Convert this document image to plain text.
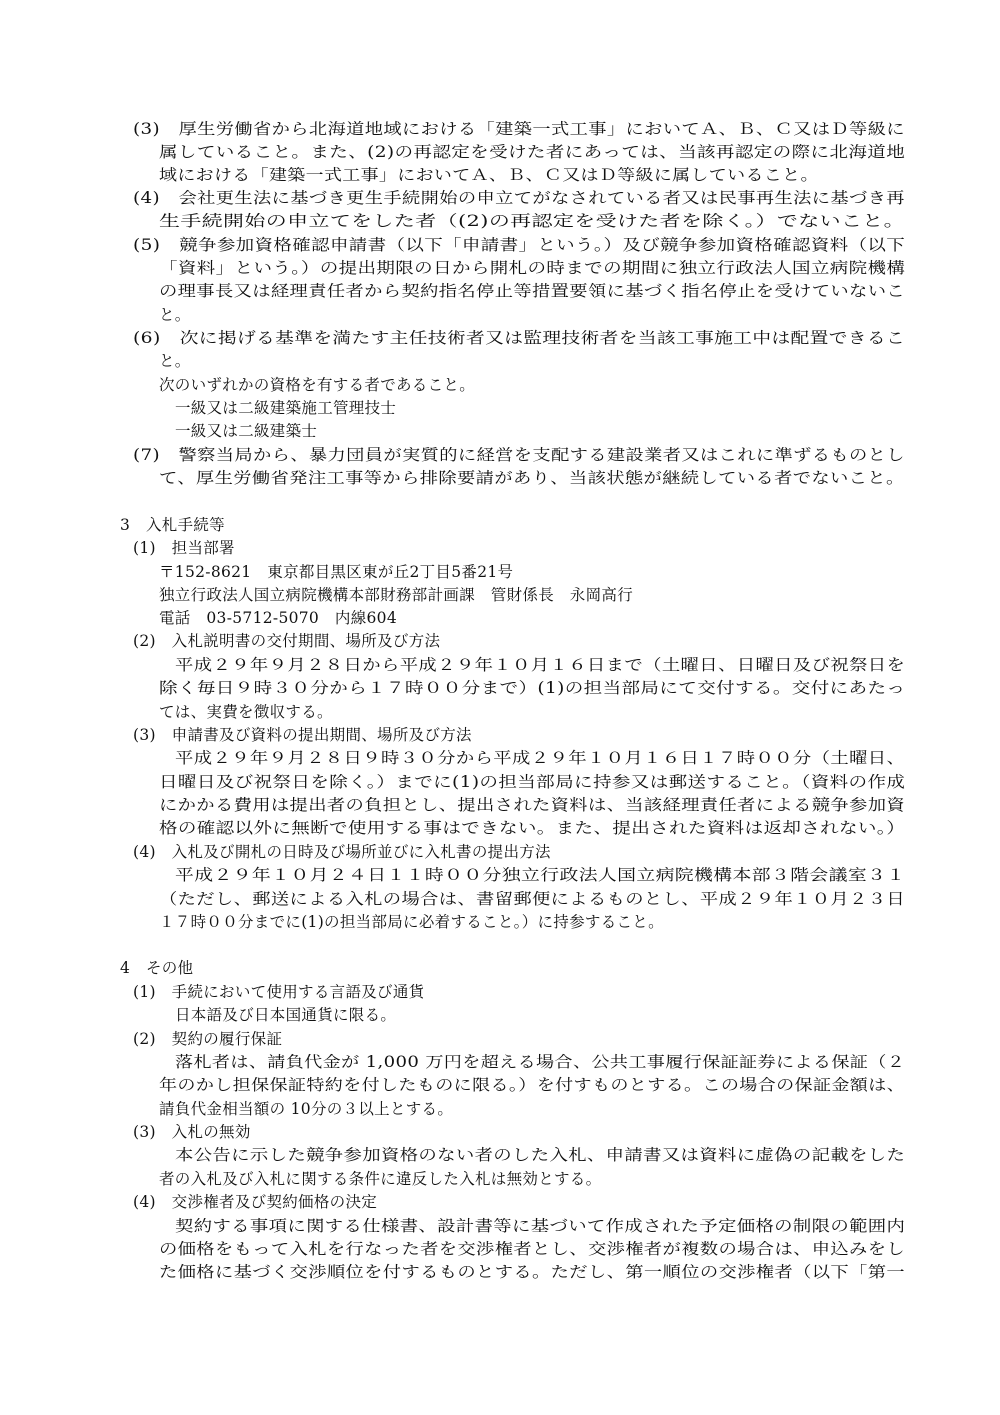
(3)　厚生労働省から北海道地域における「建築一式工事」においてＡ、Ｂ、Ｃ又はＤ等級に
属していること。また、(2)の再認定を受けた者にあっては、当該再認定の際に北海道地
域における「建築一式工事」においてＡ、Ｂ、Ｃ又はＤ等級に属していること。
(4)　会社更生法に基づき更生手続開始の申立てがなされている者又は民事再生法に基づき再
生手続開始の申立てをした者（(2)の再認定を受けた者を除く。）でないこと。
(5)　競争参加資格確認申請書（以下「申請書」という。）及び競争参加資格確認資料（以下
「資料」という。）の提出期限の日から開札の時までの期間に独立行政法人国立病院機構
の理事長又は経理責任者から契約指名停止等措置要領に基づく指名停止を受けていないこ
と。
(6)　次に掲げる基準を満たす主任技術者又は監理技術者を当該工事施工中は配置できるこ
と。
次のいずれかの資格を有する者であること。
一級又は二級建築施工管理技士
一級又は二級建築士
(7)　警察当局から、暴力団員が実質的に経営を支配する建設業者又はこれに準ずるものとし
て、厚生労働省発注工事等から排除要請があり、当該状態が継続している者でないこと。
3　入札手続等
(1)　担当部署
〒152-8621　東京都目黒区東が丘2丁目5番21号
独立行政法人国立病院機構本部財務部計画課　管財係長　永岡高行
電話　03-5712-5070　内線604
(2)　入札説明書の交付期間、場所及び方法
平成２９年９月２８日から平成２９年１０月１６日まで（土曜日、日曜日及び祝祭日を
除く毎日９時３０分から１７時００分まで）(1)の担当部局にて交付する。交付にあたっ
ては、実費を徴収する。
(3)　申請書及び資料の提出期間、場所及び方法
平成２９年９月２８日９時３０分から平成２９年１０月１６日１７時００分（土曜日、
日曜日及び祝祭日を除く。）までに(1)の担当部局に持参又は郵送すること。（資料の作成
にかかる費用は提出者の負担とし、提出された資料は、当該経理責任者による競争参加資
格の確認以外に無断で使用する事はできない。また、提出された資料は返却されない。）
(4)　入札及び開札の日時及び場所並びに入札書の提出方法
平成２９年１０月２４日１１時００分独立行政法人国立病院機構本部３階会議室３１
（ただし、郵送による入札の場合は、書留郵便によるものとし、平成２９年１０月２３日
１７時００分までに(1)の担当部局に必着すること。）に持参すること。
4　その他
(1)　手続において使用する言語及び通貨
日本語及び日本国通貨に限る。
(2)　契約の履行保証
落札者は、請負代金が 1,000 万円を超える場合、公共工事履行保証証券による保証（２
年のかし担保保証特約を付したものに限る。）を付すものとする。この場合の保証金額は、
請負代金相当額の 10分の３以上とする。
(3)　入札の無効
本公告に示した競争参加資格のない者のした入札、申請書又は資料に虚偽の記載をした
者の入札及び入札に関する条件に違反した入札は無効とする。
(4)　交渉権者及び契約価格の決定
契約する事項に関する仕様書、設計書等に基づいて作成された予定価格の制限の範囲内
の価格をもって入札を行なった者を交渉権者とし、交渉権者が複数の場合は、申込みをし
た価格に基づく交渉順位を付するものとする。ただし、第一順位の交渉権者（以下「第一
